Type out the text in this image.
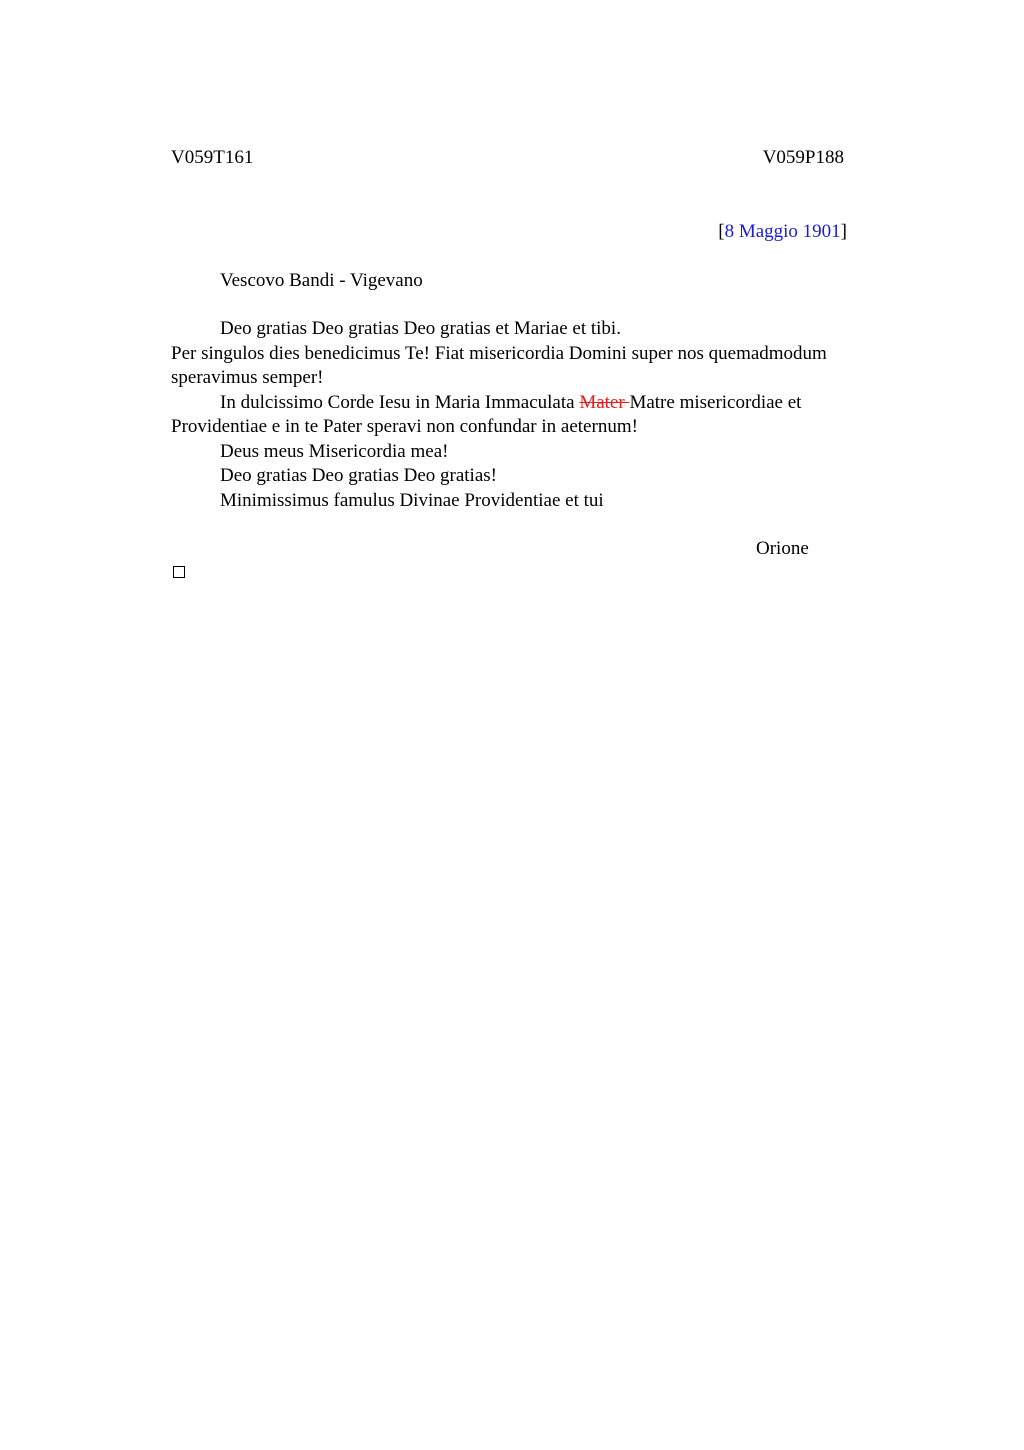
V059T161	V059P188
[8 Maggio 1901]
Vescovo Bandi - Vigevano

Deo gratias Deo gratias Deo gratias et Mariae et tibi.

Per singulos dies benedicimus Te! Fiat misericordia Domini super nos quemadmodum speravimus semper!

In dulcissimo Corde Iesu in Maria Immaculata Mater Matre misericordiae et Providentiae e in te Pater speravi non confundar in aeternum!

Deus meus Misericordia mea!

Deo gratias Deo gratias Deo gratias!

Minimissimus famulus Divinae Providentiae et tui

Orione
